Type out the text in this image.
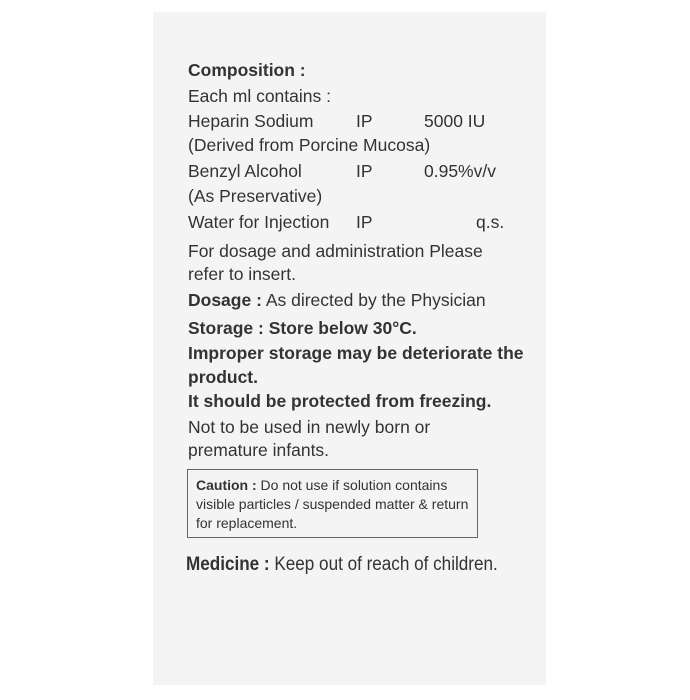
Composition :
Each ml contains :
Heparin Sodium IP	5000 IU
(Derived from Porcine Mucosa)
Benzyl Alcohol	IP	0.95%v/v
(As Preservative)
Water for Injection IP	q.s.
For dosage and administration Please
refer to insert.
Dosage : As directed by the Physician
Storage : Store below 30°C.
Improper storage may be deteriorate the
product.
It should be protected from freezing.
Not to be used in newly born or
premature infants.
Caution : Do not use if solution contains
visible particles / suspended matter & return
for replacement.
Medicine : Keep out of reach of children.
